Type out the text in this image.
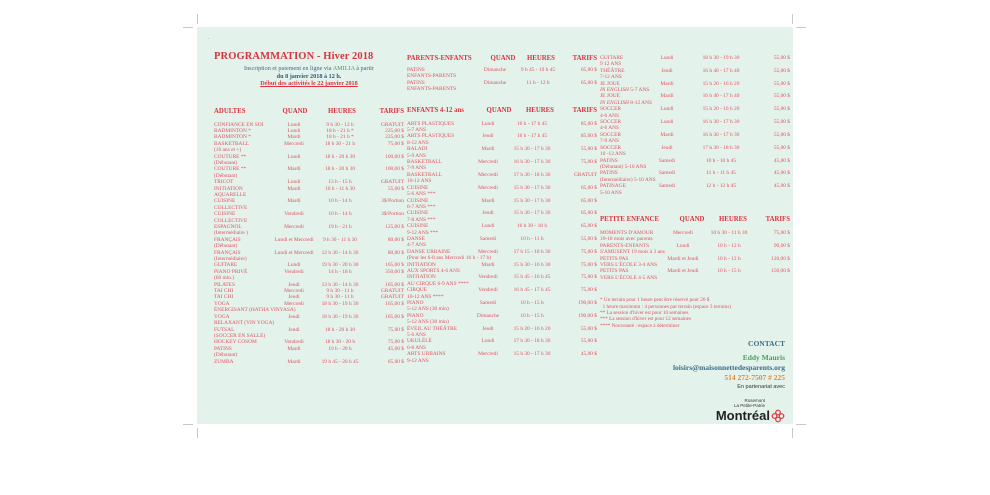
PROGRAMMATION - Hiver 2018
Inscription et paiement en ligne via AMILIA à partir
du 8 janvier 2018 à 12 h.
Début des activités le 22 janvier 2018
ADULTES	QUAND	HEURES	TARIFS
CONFIANCE EN SOI	Lundi	9 h 30 - 12 h	GRATUIT
BADMINTON *	Lundi	18 h - 21 h *	225,00 $
BADMINTON *	Mardi	18 h - 21 h *	225,00 $
BASKETBALL	Mercredi	18 h 30 - 21 h	75,00 $
(16 ans et +)
COUTURE **	Lundi	18 h - 20 h 30	100,00 $
(Débutant)
COUTURE **	Mardi	18 h - 20 h 30	100,00 $
(Débutant)
TRICOT	Lundi	13 h - 15 h	GRATUIT
INITIATION	Mardi	10 h - 11 h 30	55,00 $
AQUARELLE
CUISINE	Mardi	10 h - 14 h	3$/Portion
COLLECTIVE
CUISINE	Vendredi	10 h - 14 h	3$/Portion
COLLECTIVE
ESPAGNOL	Mercredi	19 h - 21 h	125,00 $
(Intermédiaire )
FRANÇAIS	Lundi et Mercredi	9 h 30 - 11 h 30	80,00 $
(Débutant)
FRANÇAIS	Lundi et Mercredi	12 h 30 - 14 h 30	80,00 $
(Intermédiaire)
GUITARE	Lundi	19 h 30 - 20 h 30	165,00 $
PIANO PRIVÉ	Vendredi	14 h - 18 h	350,00 $
(60 min.)
PILATES	Jeudi	13 h 30 - 14 h 30	165,00 $
TAI CHI	Mercredi	9 h 30 - 11 h	GRATUIT
TAI CHI	Jeudi	9 h 30 - 11 h	GRATUIT
YOGA	Mercredi	18 h 30 - 19 h 30	165,00 $
ÉNERGISANT (HATHA VINYASA)
YOGA	Jeudi	18 h 30 - 19 h 30	165,00 $
RELAXANT (YIN YOGA)
FUTSAL	Jeudi	18 h - 20 h 30	75,00 $
(SOCCER EN SALLE)
HOCKEY COSOM	Vendredi	18 h 30 - 20 h	75,00 $
PATINS	Mardi	19 h - 20 h	45,00 $
(Débutant)
ZUMBA	Mardi	19 h 45 - 20 h 45	65,00 $
PARENTS-ENFANTS	QUAND	HEURES	TARIFS
PATINS	Dimanche	9 h 45 - 10 h 45	65,00 $
ENFANTS-PARENTS
PATINS	Dimanche	11 h - 12 h	65,00 $
ENFANTS-PARENTS
ENFANTS 4-12 ans	QUAND	HEURES	TARIFS
ARTS PLASTIQUES	Lundi	16 h - 17 h 45	85,00 $
5-7 ANS
ARTS PLASTIQUES	Jeudi	16 h - 17 h 45	85,00 $
8-12 ANS
BALADI	Mardi	15 h 30 - 17 h 30	55,00 $
5-9 ANS
BASKETBALL	Mercredi	16 h 30 - 17 h 30	75,00 $
7-9 ANS
BASKETBALL	Mercredi	17 h 30 - 18 h 30	GRATUIT
10-12 ANS
CUISINE	Mercredi	15 h 30 - 17 h 30	65,00 $
5-6 ANS ***
CUISINE	Mardi	15 h 30 - 17 h 30	65,00 $
6-7 ANS ***
CUISINE	Jeudi	15 h 30 - 17 h 30	65,00 $
7-8 ANS ***
CUISINE	Lundi	16 h 30 - 18 h	65,00 $
9-12 ANS ***
DANSE	Samedi	10 h - 11 h	55,00 $
4-7 ANS
DANSE URBAINE	Mercredi	17 h 15 - 18 h 30	75,00 $
(Pour les 6-8 ans Mercredi 16 h - 17 h)
INITIATION	Mardi	15 h 30 - 16 h 30	75,00 $
AUX SPORTS 4-6 ANS
INITIATION	Vendredi	15 h 45 - 16 h 45	75,00 $
AU CIRQUE 6-9 ANS ****
CIRQUE	Vendredi	16 h 45 - 17 h 45	75,00 $
10-12 ANS ****
PIANO	Samedi	10 h - 15 h	190,00 $
5-12 ANS (30 min)
PIANO	Dimanche	10 h - 15 h	190,00 $
5-12 ANS (30 min)
ÉVEIL AU THÉÂTRE	Jeudi	15 h 20 - 16 h 20	55,00 $
5-6 ANS
UKULÉLÉ	Lundi	17 h 30 - 18 h 30	55,00 $
6-8 ANS
ARTS URBAINS	Mercredi	15 h 30 - 17 h 30	45,00 $
9-12 ANS
GUITARE	Lundi	18 h 30 - 19 h 30	55,00 $
9 12 ANS
THÉÂTRE	Jeudi	16 h 40 - 17 h 40	55,00 $
7-12 ANS
JE JOUE	Mardi	15 h 20 - 16 h 20	55,00 $
IN ENGLISH 5-7 ANS
JE JOUE	Mardi	16 h 40 - 17 h 40	55,00 $
IN ENGLISH 8-12 ANS
SOCCER	Lundi	15 h 20 - 16 h 20	55,00 $
4-6 ANS
SOCCER	Lundi	16 h 30 - 17 h 30	55,00 $
4-6 ANS
SOCCER	Mardi	16 h 30 - 17 h 30	55,00 $
7-9 ANS
SOCCER	Jeudi	17 h 30 - 18 h 30	55,00 $
10 -12 ANS
PATINS	Samedi	10 h - 10 h 45	45,00 $
(Débutant) 5-10 ANS
PATINS	Samedi	11 h - 11 h 45	45,00 $
(Intermédiaire) 5-10 ANS
PATINAGE	Samedi	12 h - 12 h 45	45,00 $
5-10 ANS
PETITE ENFANCE	QUAND	HEURES	TARIFS
MOMENTS D'AMOUR	Mercredi	10 h 30 - 11 h 30	75,00 $
10-18 mois avec parents
PARENTS-ENFANTS	Lundi	10 h - 12 h	90,00 $
S'AMUSENT 19 mois à 3 ans
PETITS PAS	Mardi et Jeudi	10 h - 12 h	120,00 $
VERS L'ÉCOLE 3-4 ANS
PETITS PAS	Mardi et Jeudi	10 h - 15 h	150,00 $
VERS L'ÉCOLE 4-5 ANS
* Un terrain pour 1 heure peut être réservé pour 20 $
1 heure maximum : 4 personnes par terrain (espace 3 terrains)
** La session d'hiver est pour 10 semaines
*** La session d'hiver est pour 12 semaines
**** Nouveauté : espace à déterminer
CONTACT
Eddy Mauris
loisirs@maisonnettedesparents.org
514 272-7507 # 225
En partenariat avec
Rosemont
La Petite-Patrie
Montréal
